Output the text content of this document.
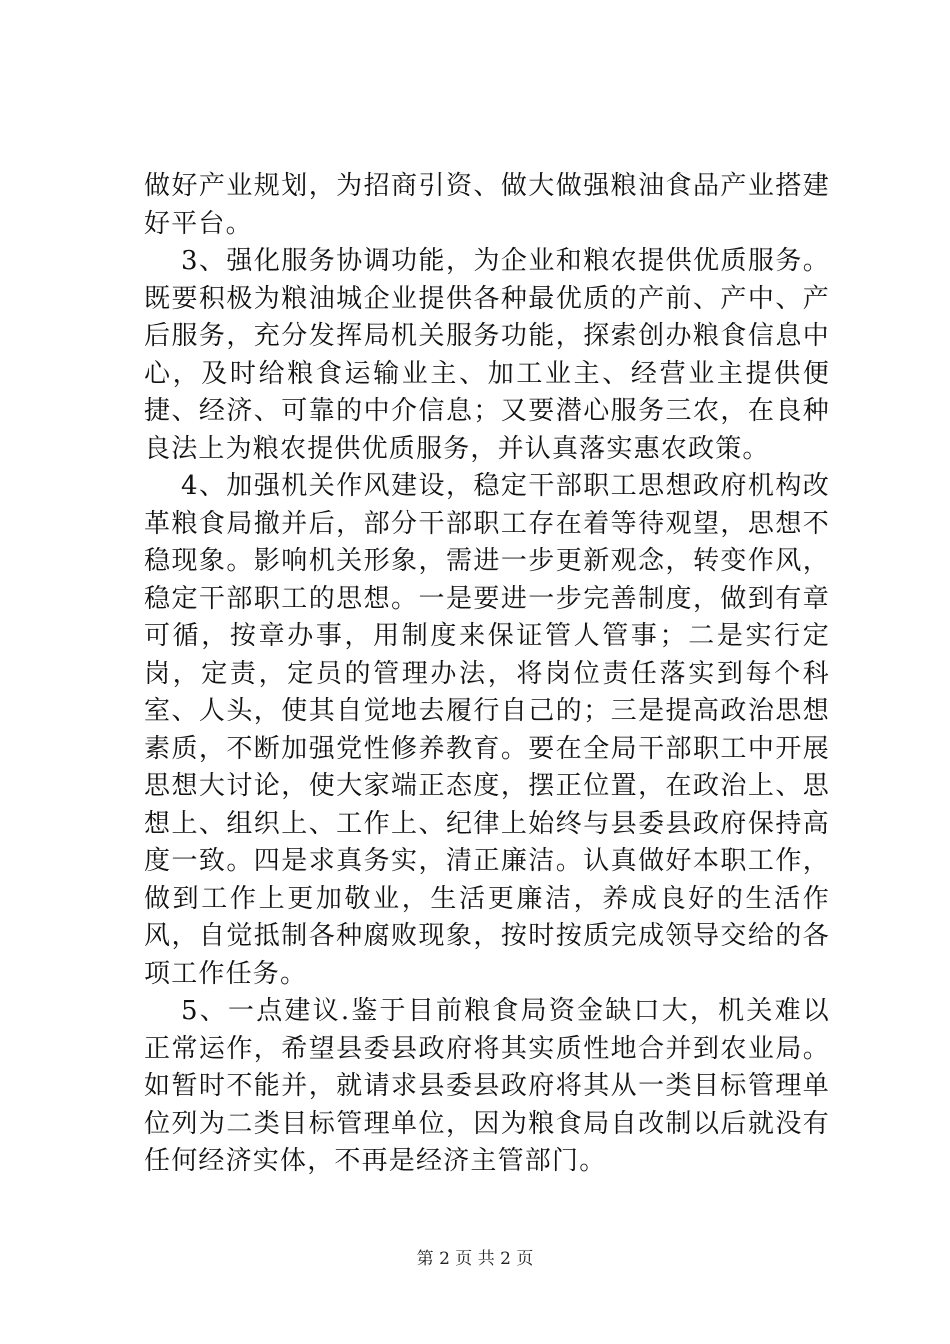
做好产业规划，为招商引资、做大做强粮油食品产业搭建好平台。

3、强化服务协调功能，为企业和粮农提供优质服务。既要积极为粮油城企业提供各种最优质的产前、产中、产后服务，充分发挥局机关服务功能，探索创办粮食信息中心，及时给粮食运输业主、加工业主、经营业主提供便捷、经济、可靠的中介信息；又要潜心服务三农，在良种良法上为粮农提供优质服务，并认真落实惠农政策。

4、加强机关作风建设，稳定干部职工思想政府机构改革粮食局撤并后，部分干部职工存在着等待观望，思想不稳现象。影响机关形象，需进一步更新观念，转变作风，稳定干部职工的思想。一是要进一步完善制度，做到有章可循，按章办事，用制度来保证管人管事；二是实行定岗，定责，定员的管理办法，将岗位责任落实到每个科室、人头，使其自觉地去履行自己的；三是提高政治思想素质，不断加强党性修养教育。要在全局干部职工中开展思想大讨论，使大家端正态度，摆正位置，在政治上、思想上、组织上、工作上、纪律上始终与县委县政府保持高度一致。四是求真务实，清正廉洁。认真做好本职工作，做到工作上更加敬业，生活更廉洁，养成良好的生活作风，自觉抵制各种腐败现象，按时按质完成领导交给的各项工作任务。

5、一点建议.鉴于目前粮食局资金缺口大，机关难以正常运作，希望县委县政府将其实质性地合并到农业局。如暂时不能并，就请求县委县政府将其从一类目标管理单位列为二类目标管理单位，因为粮食局自改制以后就没有任何经济实体，不再是经济主管部门。

第 2 页 共 2 页
